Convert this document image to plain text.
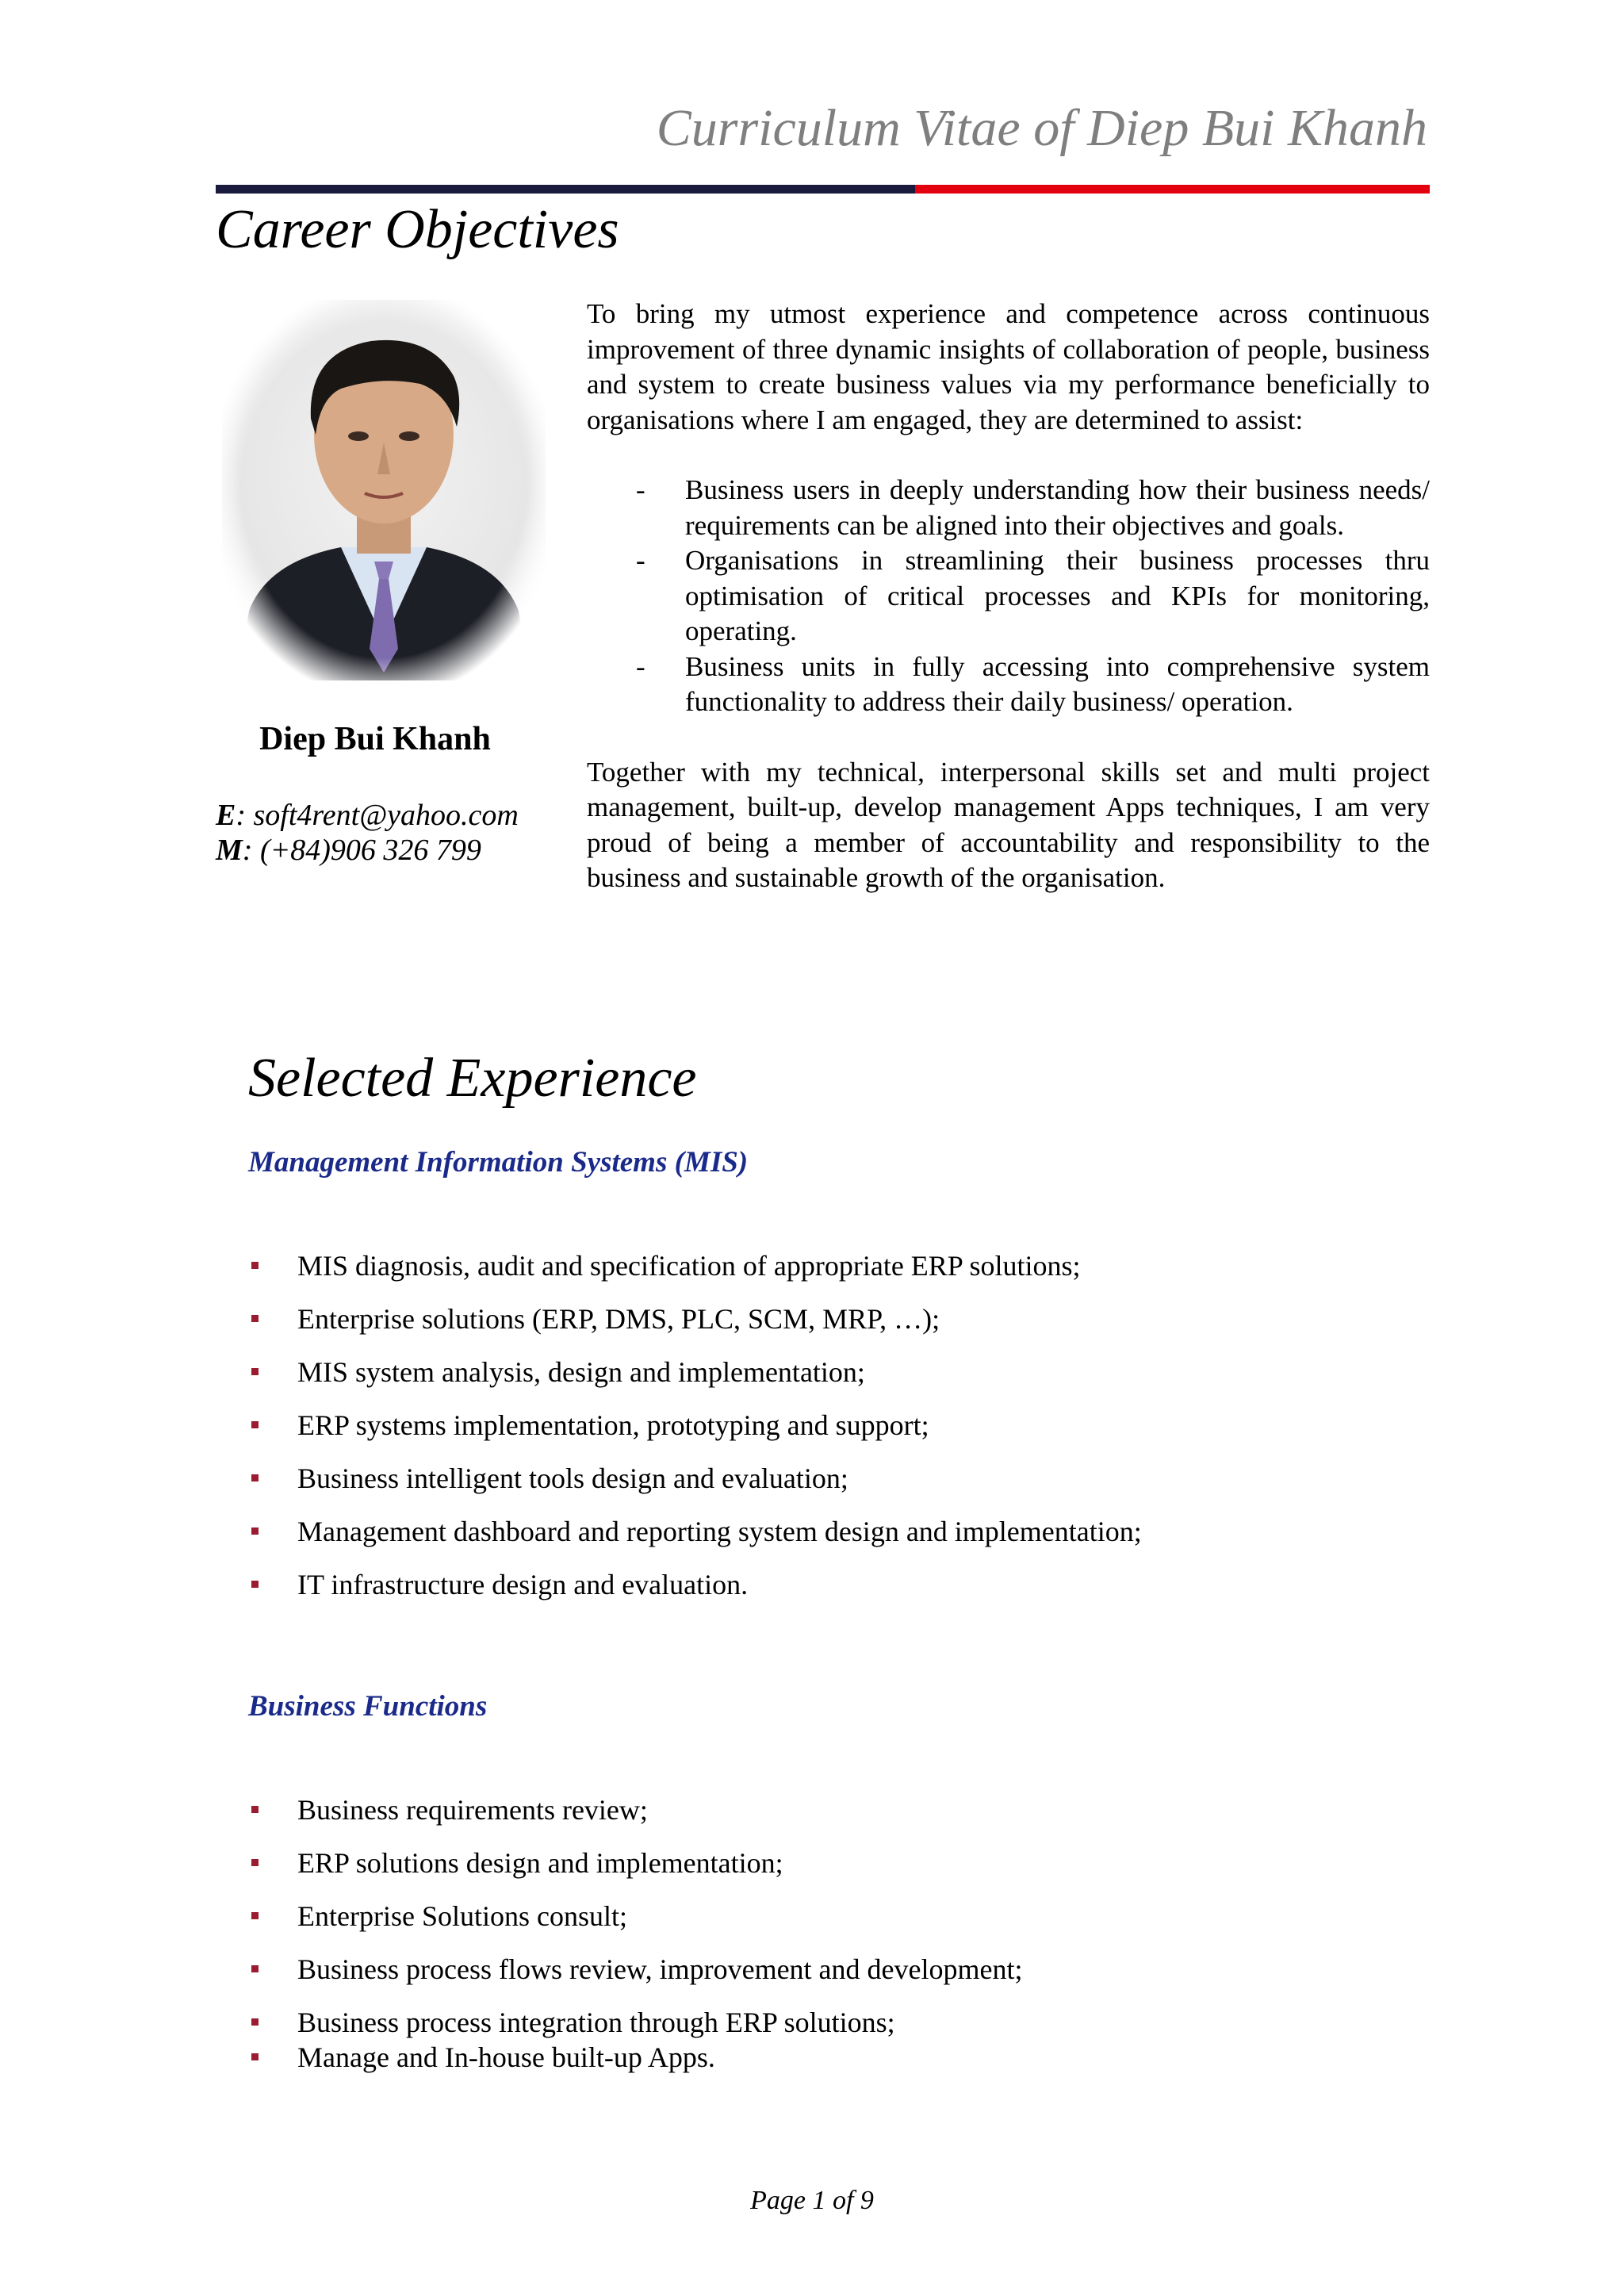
Curriculum Vitae of Diep Bui Khanh
Career Objectives
Diep Bui Khanh
E: soft4rent@yahoo.com
M: (+84)906 326 799

To bring my utmost experience and competence across continuous improvement of three dynamic insights of collaboration of people, business and system to create business values via my performance beneficially to organisations where I am engaged, they are determined to assist:

- Business users in deeply understanding how their business needs/ requirements can be aligned into their objectives and goals.
- Organisations in streamlining their business processes thru optimisation of critical processes and KPIs for monitoring, operating.
- Business units in fully accessing into comprehensive system functionality to address their daily business/ operation.

Together with my technical, interpersonal skills set and multi project management, built-up, develop management Apps techniques, I am very proud of being a member of accountability and responsibility to the business and sustainable growth of the organisation.

Selected Experience
Management Information Systems (MIS)
MIS diagnosis, audit and specification of appropriate ERP solutions;
Enterprise solutions (ERP, DMS, PLC, SCM, MRP, …);
MIS system analysis, design and implementation;
ERP systems implementation, prototyping and support;
Business intelligent tools design and evaluation;
Management dashboard and reporting system design and implementation;
IT infrastructure design and evaluation.
Business Functions
Business requirements review;
ERP solutions design and implementation;
Enterprise Solutions consult;
Business process flows review, improvement and development;
Business process integration through ERP solutions;
Manage and In-house built-up Apps.
Page 1 of 9
